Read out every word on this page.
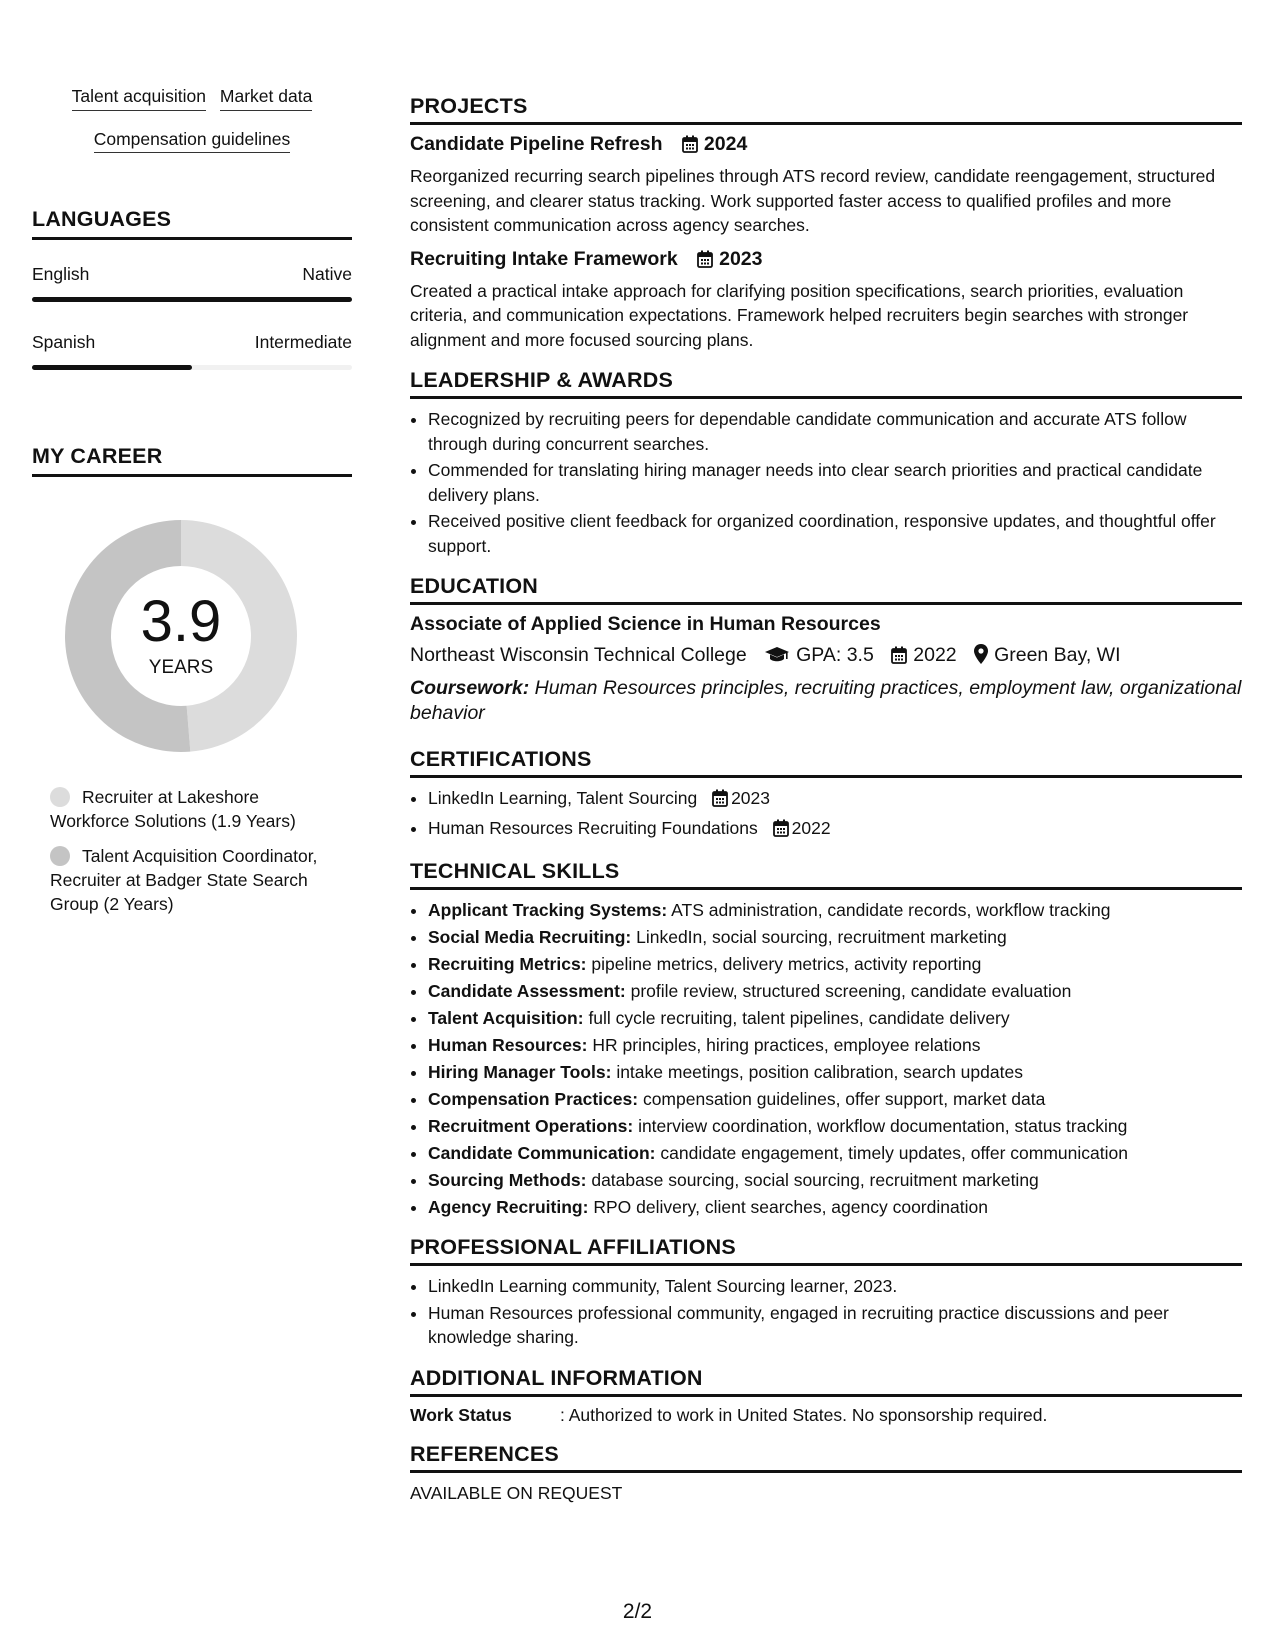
Talent acquisition Market data
Compensation guidelines
LANGUAGES
English	Native
Spanish	Intermediate
MY CAREER
3.9
YEARS
Recruiter at Lakeshore Workforce Solutions (1.9 Years)
Talent Acquisition Coordinator, Recruiter at Badger State Search Group (2 Years)
PROJECTS
Candidate Pipeline Refresh 2024
Reorganized recurring search pipelines through ATS record review, candidate reengagement, structured screening, and clearer status tracking. Work supported faster access to qualified profiles and more consistent communication across agency searches.
Recruiting Intake Framework 2023
Created a practical intake approach for clarifying position specifications, search priorities, evaluation criteria, and communication expectations. Framework helped recruiters begin searches with stronger alignment and more focused sourcing plans.
LEADERSHIP & AWARDS
• Recognized by recruiting peers for dependable candidate communication and accurate ATS follow through during concurrent searches.
• Commended for translating hiring manager needs into clear search priorities and practical candidate delivery plans.
• Received positive client feedback for organized coordination, responsive updates, and thoughtful offer support.
EDUCATION
Associate of Applied Science in Human Resources
Northeast Wisconsin Technical College	GPA: 3.5 2022 Green Bay, WI
Coursework: Human Resources principles, recruiting practices, employment law, organizational behavior
CERTIFICATIONS
• LinkedIn Learning, Talent Sourcing 2023
• Human Resources Recruiting Foundations 2022
TECHNICAL SKILLS
• Applicant Tracking Systems: ATS administration, candidate records, workflow tracking
• Social Media Recruiting: LinkedIn, social sourcing, recruitment marketing
• Recruiting Metrics: pipeline metrics, delivery metrics, activity reporting
• Candidate Assessment: profile review, structured screening, candidate evaluation
• Talent Acquisition: full cycle recruiting, talent pipelines, candidate delivery
• Human Resources: HR principles, hiring practices, employee relations
• Hiring Manager Tools: intake meetings, position calibration, search updates
• Compensation Practices: compensation guidelines, offer support, market data
• Recruitment Operations: interview coordination, workflow documentation, status tracking
• Candidate Communication: candidate engagement, timely updates, offer communication
• Sourcing Methods: database sourcing, social sourcing, recruitment marketing
• Agency Recruiting: RPO delivery, client searches, agency coordination
PROFESSIONAL AFFILIATIONS
• LinkedIn Learning community, Talent Sourcing learner, 2023.
• Human Resources professional community, engaged in recruiting practice discussions and peer knowledge sharing.
ADDITIONAL INFORMATION
Work Status	: Authorized to work in United States. No sponsorship required.
REFERENCES
AVAILABLE ON REQUEST
2/2
